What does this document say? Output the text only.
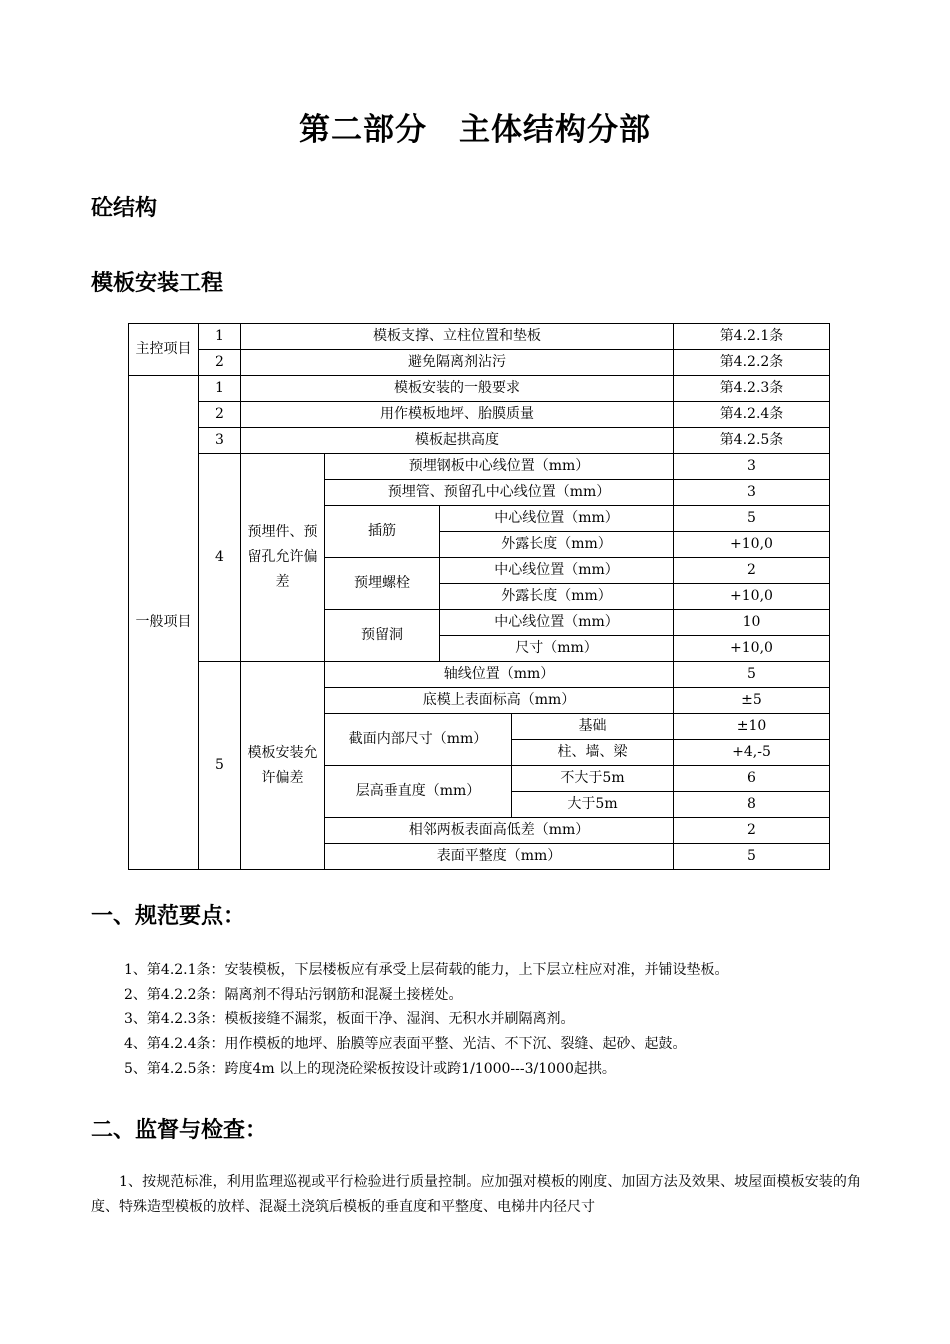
第二部分　主体结构分部
砼结构
模板安装工程
主控项目	1	模板支撑、立柱位置和垫板				第4.2.1条
	2	避免隔离剂沾污				第4.2.2条
一般项目	1	模板安装的一般要求				第4.2.3条
	2	用作模板地坪、胎膜质量				第4.2.4条
	3	模板起拱高度				第4.2.5条
	4	预埋件、预留孔允许偏差	预埋钢板中心线位置（mm）			3
			预埋管、预留孔中心线位置（mm）			3
			插筋	中心线位置（mm）		5
				外露长度（mm）		+10,0
			预埋螺栓	中心线位置（mm）		2
				外露长度（mm）		+10,0
			预留洞	中心线位置（mm）		10
				尺寸（mm）		+10,0
	5	模板安装允许偏差	轴线位置（mm）			5
			底模上表面标高（mm）			±5
			截面内部尺寸（mm）		基础	±10
					柱、墙、梁	+4,-5
			层高垂直度（mm）		不大于5m	6
					大于5m	8
			相邻两板表面高低差（mm）			2
			表面平整度（mm）			5
一、规范要点：
1、第4.2.1条：安装模板，下层楼板应有承受上层荷载的能力，上下层立柱应对准，并铺设垫板。
2、第4.2.2条：隔离剂不得玷污钢筋和混凝土接槎处。
3、第4.2.3条：模板接缝不漏浆，板面干净、湿润、无积水并刷隔离剂。
4、第4.2.4条：用作模板的地坪、胎膜等应表面平整、光洁、不下沉、裂缝、起砂、起鼓。
5、第4.2.5条：跨度4m 以上的现浇砼梁板按设计或跨1/1000---3/1000起拱。
二、监督与检查：
1、按规范标准，利用监理巡视或平行检验进行质量控制。应加强对模板的刚度、加固方法及效果、坡屋面模板安装的角度、特殊造型模板的放样、混凝土浇筑后模板的垂直度和平整度、电梯井内径尺寸
